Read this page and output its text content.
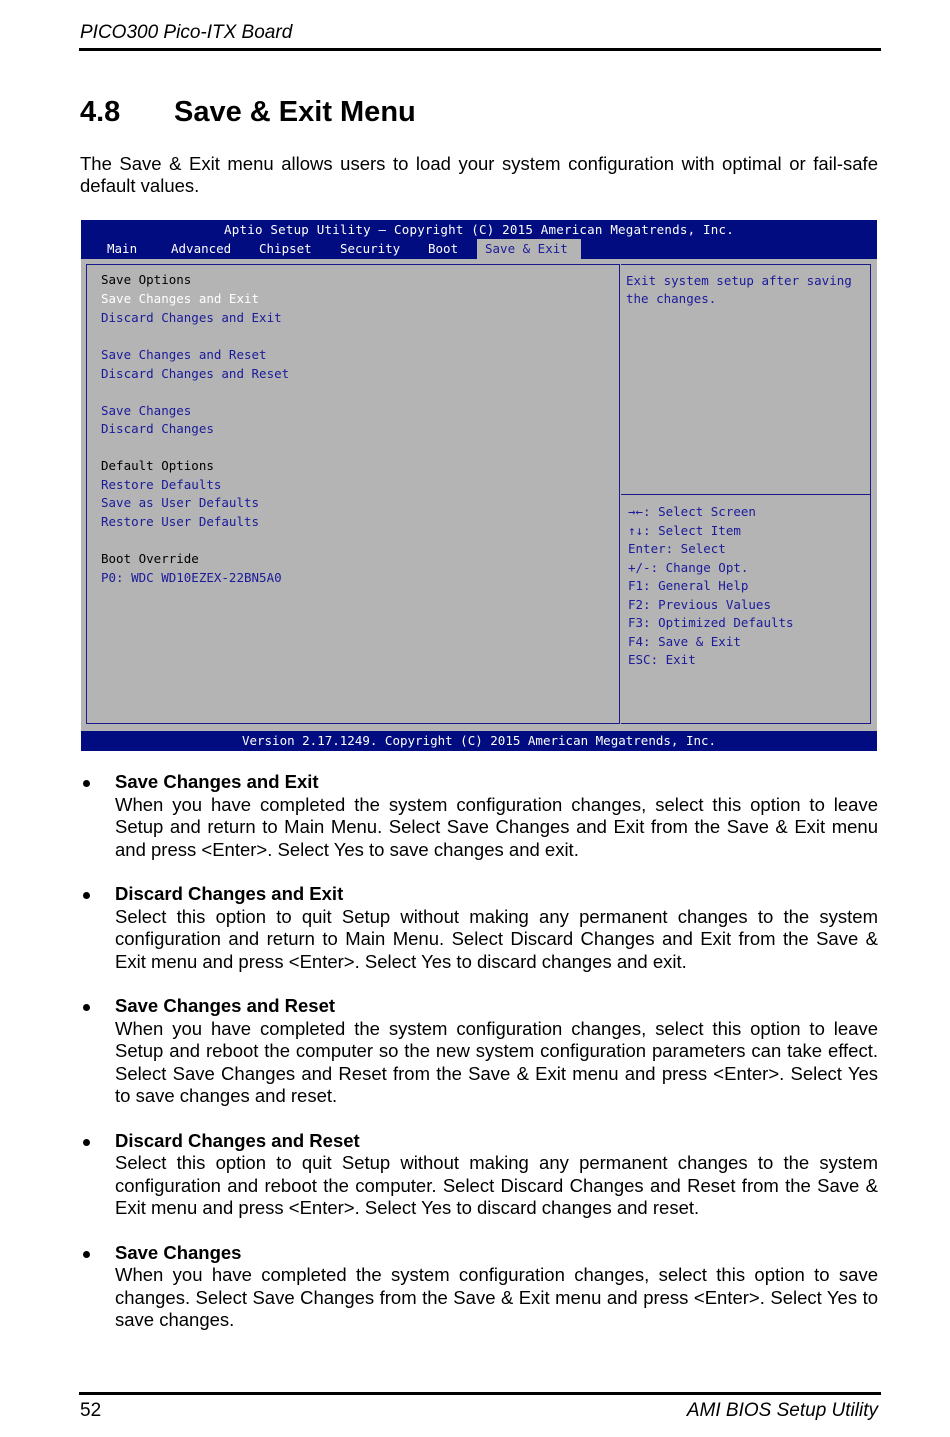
PICO300 Pico-ITX Board
4.8 Save & Exit Menu

The Save & Exit menu allows users to load your system configuration with optimal or fail-safe default values.

Aptio Setup Utility – Copyright (C) 2015 American Megatrends, Inc.
Main	Advanced Chipset Security Boot	Save & Exit
Save Options
Save Changes and Exit
Discard Changes and Exit
Save Changes and Reset
Discard Changes and Reset
Save Changes
Discard Changes
Default Options
Restore Defaults
Save as User Defaults
Restore User Defaults
Boot Override
P0: WDC WD10EZEX-22BN5A0
Exit system setup after saving
the changes.
→←: Select Screen
↑↓: Select Item
Enter: Select
+/-: Change Opt.
F1: General Help
F2: Previous Values
F3: Optimized Defaults
F4: Save & Exit
ESC: Exit
Version 2.17.1249. Copyright (C) 2015 American Megatrends, Inc.
Save Changes and Exit
When you have completed the system configuration changes, select this option to leave Setup and return to Main Menu. Select Save Changes and Exit from the Save & Exit menu and press <Enter>. Select Yes to save changes and exit.
Discard Changes and Exit
Select this option to quit Setup without making any permanent changes to the system configuration and return to Main Menu. Select Discard Changes and Exit from the Save & Exit menu and press <Enter>. Select Yes to discard changes and exit.
Save Changes and Reset
When you have completed the system configuration changes, select this option to leave Setup and reboot the computer so the new system configuration parameters can take effect. Select Save Changes and Reset from the Save & Exit menu and press <Enter>. Select Yes to save changes and reset.
Discard Changes and Reset
Select this option to quit Setup without making any permanent changes to the system configuration and reboot the computer. Select Discard Changes and Reset from the Save & Exit menu and press <Enter>. Select Yes to discard changes and reset.
Save Changes
When you have completed the system configuration changes, select this option to save changes. Select Save Changes from the Save & Exit menu and press <Enter>. Select Yes to save changes.
52	AMI BIOS Setup Utility
